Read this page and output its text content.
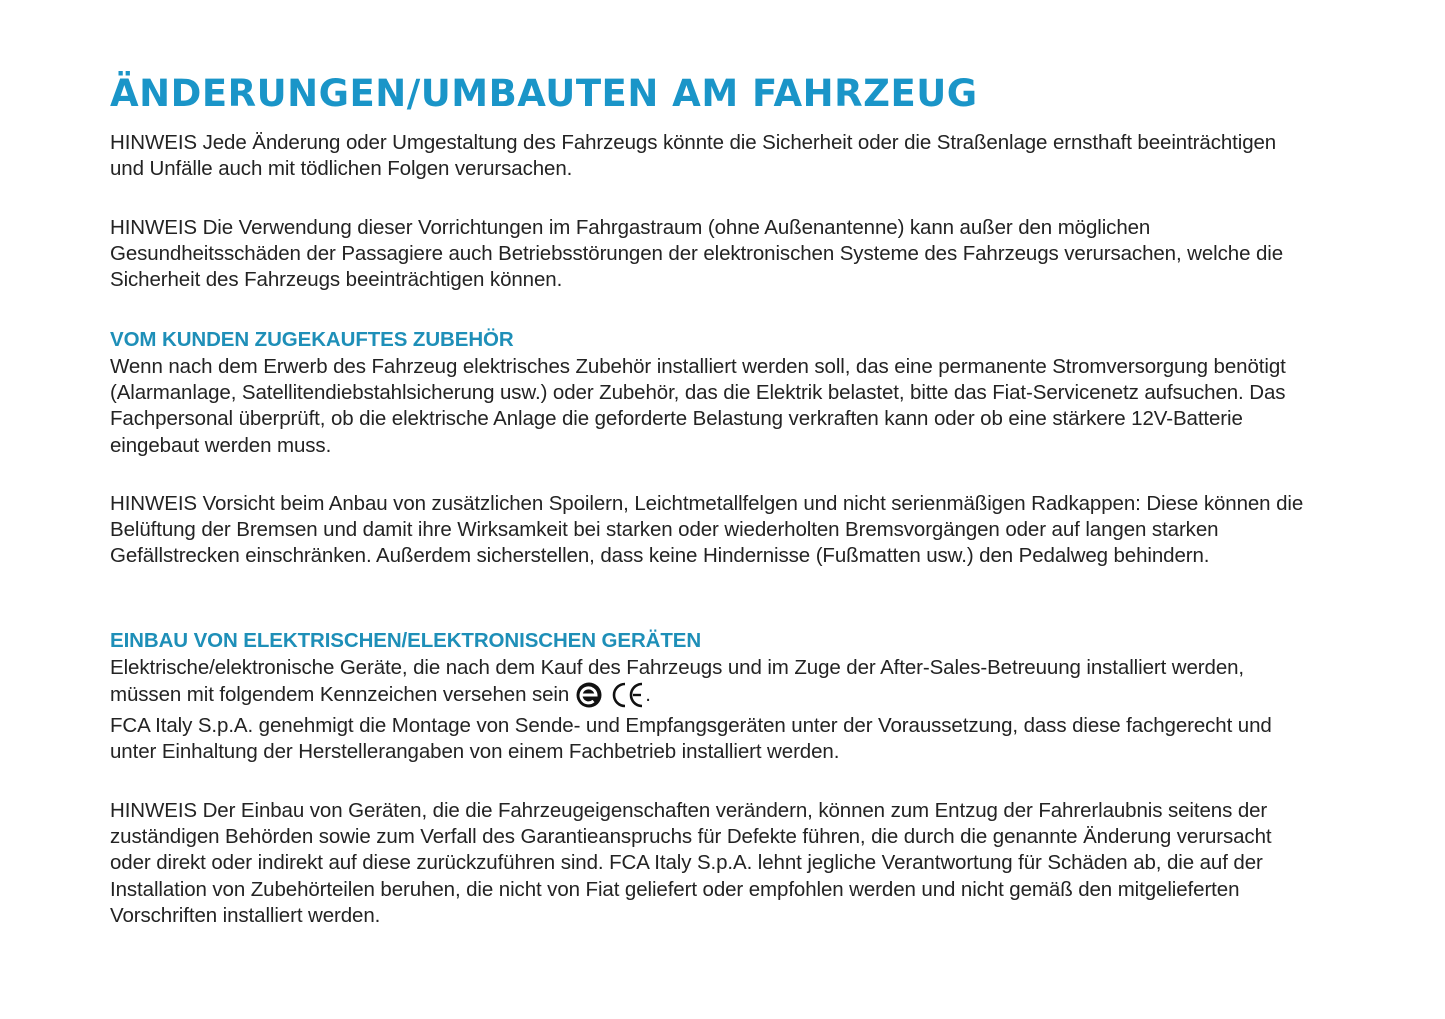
ÄNDERUNGEN/UMBAUTEN AM FAHRZEUG

HINWEIS Jede Änderung oder Umgestaltung des Fahrzeugs könnte die Sicherheit oder die Straßenlage ernsthaft beeinträchtigen und Unfälle auch mit tödlichen Folgen verursachen.

HINWEIS Die Verwendung dieser Vorrichtungen im Fahrgastraum (ohne Außenantenne) kann außer den möglichen Gesundheitsschäden der Passagiere auch Betriebsstörungen der elektronischen Systeme des Fahrzeugs verursachen, welche die Sicherheit des Fahrzeugs beeinträchtigen können.

VOM KUNDEN ZUGEKAUFTES ZUBEHÖR

Wenn nach dem Erwerb des Fahrzeug elektrisches Zubehör installiert werden soll, das eine permanente Stromversorgung benötigt (Alarmanlage, Satellitendiebstahlsicherung usw.) oder Zubehör, das die Elektrik belastet, bitte das Fiat-Servicenetz aufsuchen. Das Fachpersonal überprüft, ob die elektrische Anlage die geforderte Belastung verkraften kann oder ob eine stärkere 12V-Batterie eingebaut werden muss.

HINWEIS Vorsicht beim Anbau von zusätzlichen Spoilern, Leichtmetallfelgen und nicht serienmäßigen Radkappen: Diese können die Belüftung der Bremsen und damit ihre Wirksamkeit bei starken oder wiederholten Bremsvorgängen oder auf langen starken Gefällstrecken einschränken. Außerdem sicherstellen, dass keine Hindernisse (Fußmatten usw.) den Pedalweg behindern.

EINBAU VON ELEKTRISCHEN/ELEKTRONISCHEN GERÄTEN

Elektrische/elektronische Geräte, die nach dem Kauf des Fahrzeugs und im Zuge der After-Sales-Betreuung installiert werden, müssen mit folgendem Kennzeichen versehen sein	.

FCA Italy S.p.A. genehmigt die Montage von Sende- und Empfangsgeräten unter der Voraussetzung, dass diese fachgerecht und unter Einhaltung der Herstellerangaben von einem Fachbetrieb installiert werden.

HINWEIS Der Einbau von Geräten, die die Fahrzeugeigenschaften verändern, können zum Entzug der Fahrerlaubnis seitens der zuständigen Behörden sowie zum Verfall des Garantieanspruchs für Defekte führen, die durch die genannte Änderung verursacht oder direkt oder indirekt auf diese zurückzuführen sind. FCA Italy S.p.A. lehnt jegliche Verantwortung für Schäden ab, die auf der Installation von Zubehörteilen beruhen, die nicht von Fiat geliefert oder empfohlen werden und nicht gemäß den mitgelieferten Vorschriften installiert werden.
